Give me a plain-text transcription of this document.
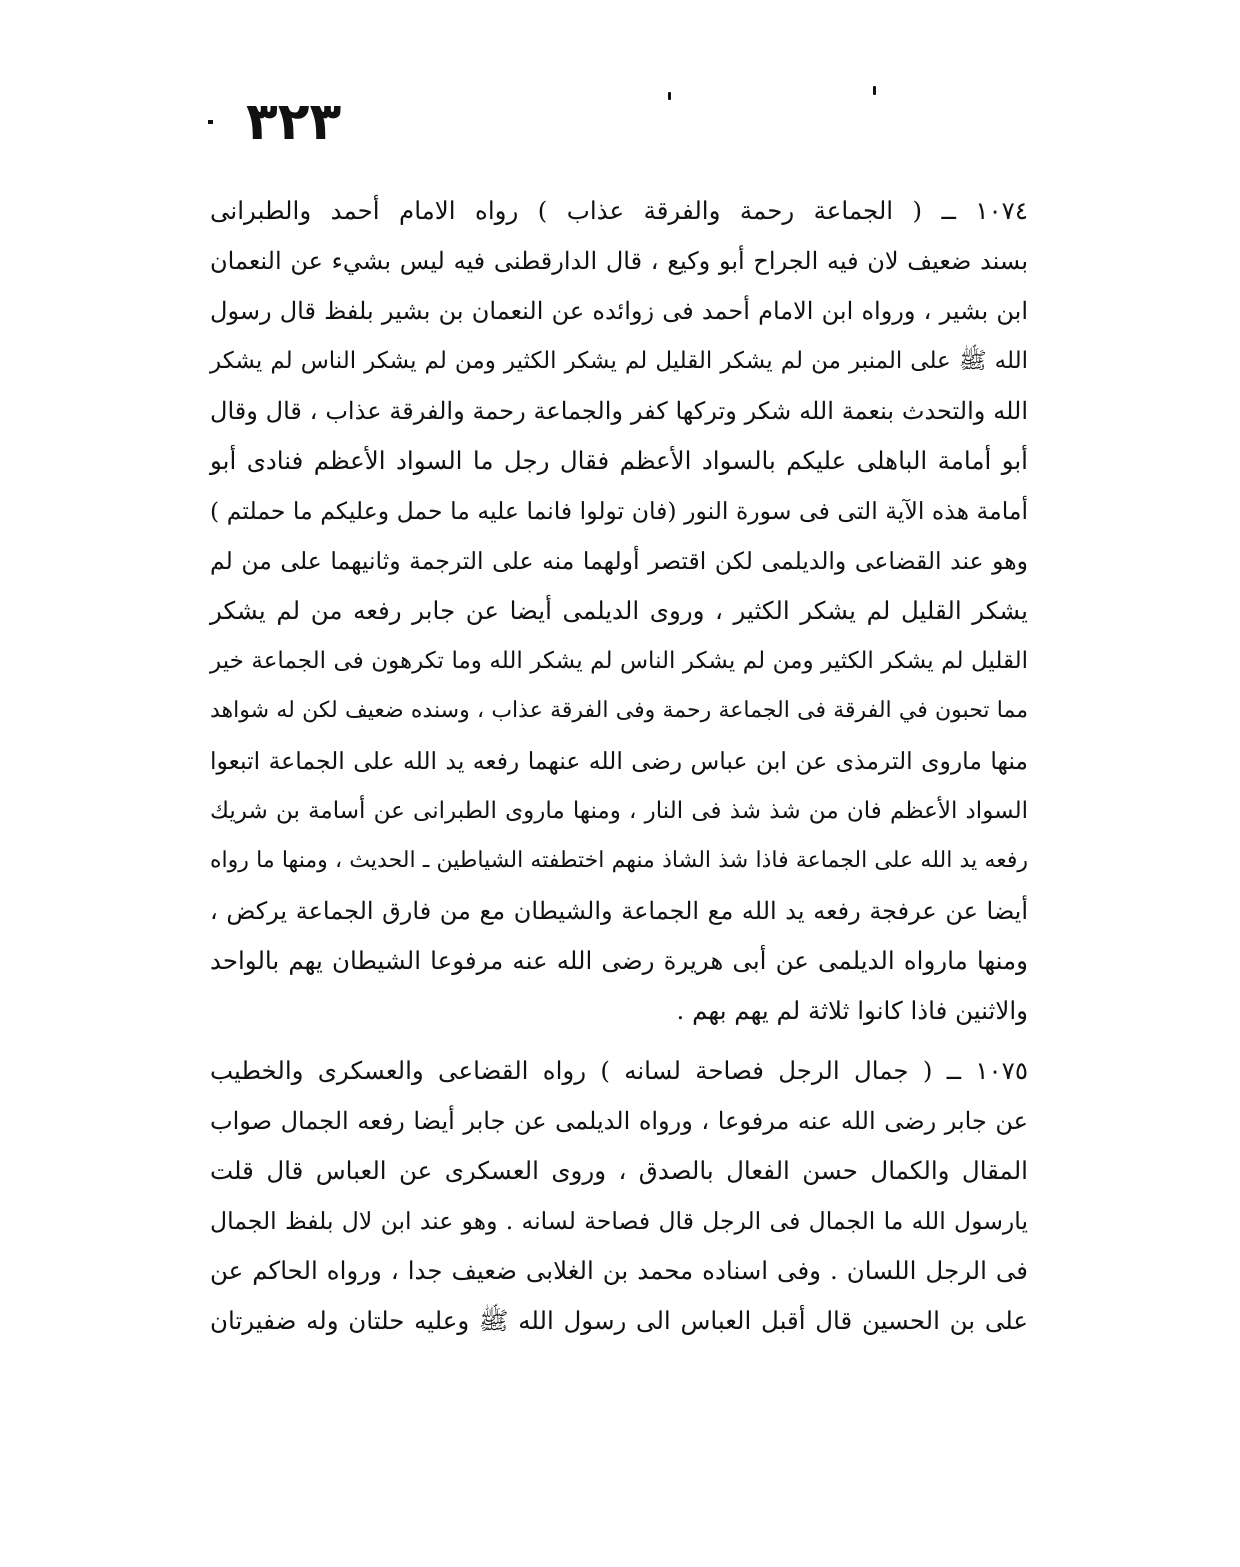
٣٢٣
١٠٧٤ ــ ( الجماعة رحمة والفرقة عذاب ) رواه الامام أحمد والطبرانى
بسند ضعيف لان فيه الجراح أبو وكيع ، قال الدارقطنى فيه ليس بشيء عن النعمان
ابن بشير ، ورواه ابن الامام أحمد فى زوائده عن النعمان بن بشير بلفظ قال رسول
الله ﷺ على المنبر من لم يشكر القليل لم يشكر الكثير ومن لم يشكر الناس لم يشكر
الله والتحدث بنعمة الله شكر وتركها كفر والجماعة رحمة والفرقة عذاب ، قال وقال
أبو أمامة الباهلى عليكم بالسواد الأعظم فقال رجل ما السواد الأعظم فنادى أبو
أمامة هذه الآية التى فى سورة النور (فان تولوا فانما عليه ما حمل وعليكم ما حملتم )
وهو عند القضاعى والديلمى لكن اقتصر أولهما منه على الترجمة وثانيهما على من لم
يشكر القليل لم يشكر الكثير ، وروى الديلمى أيضا عن جابر رفعه من لم يشكر
القليل لم يشكر الكثير ومن لم يشكر الناس لم يشكر الله وما تكرهون فى الجماعة خير
مما تحبون في الفرقة فى الجماعة رحمة وفى الفرقة عذاب ، وسنده ضعيف لكن له شواهد
منها ماروى الترمذى عن ابن عباس رضى الله عنهما رفعه يد الله على الجماعة اتبعوا
السواد الأعظم فان من شذ شذ فى النار ، ومنها ماروى الطبرانى عن أسامة بن شريك
رفعه يد الله على الجماعة فاذا شذ الشاذ منهم اختطفته الشياطين ـ الحديث ، ومنها ما رواه
أيضا عن عرفجة رفعه يد الله مع الجماعة والشيطان مع من فارق الجماعة يركض ،
ومنها مارواه الديلمى عن أبى هريرة رضى الله عنه مرفوعا الشيطان يهم بالواحد
والاثنين فاذا كانوا ثلاثة لم يهم بهم .
١٠٧٥ ــ ( جمال الرجل فصاحة لسانه ) رواه القضاعى والعسكرى والخطيب
عن جابر رضى الله عنه مرفوعا ، ورواه الديلمى عن جابر أيضا رفعه الجمال صواب
المقال والكمال حسن الفعال بالصدق ، وروى العسكرى عن العباس قال قلت
يارسول الله ما الجمال فى الرجل قال فصاحة لسانه . وهو عند ابن لال بلفظ الجمال
فى الرجل اللسان . وفى اسناده محمد بن الغلابى ضعيف جدا ، ورواه الحاكم عن
على بن الحسين قال أقبل العباس الى رسول الله ﷺ وعليه حلتان وله ضفيرتان
